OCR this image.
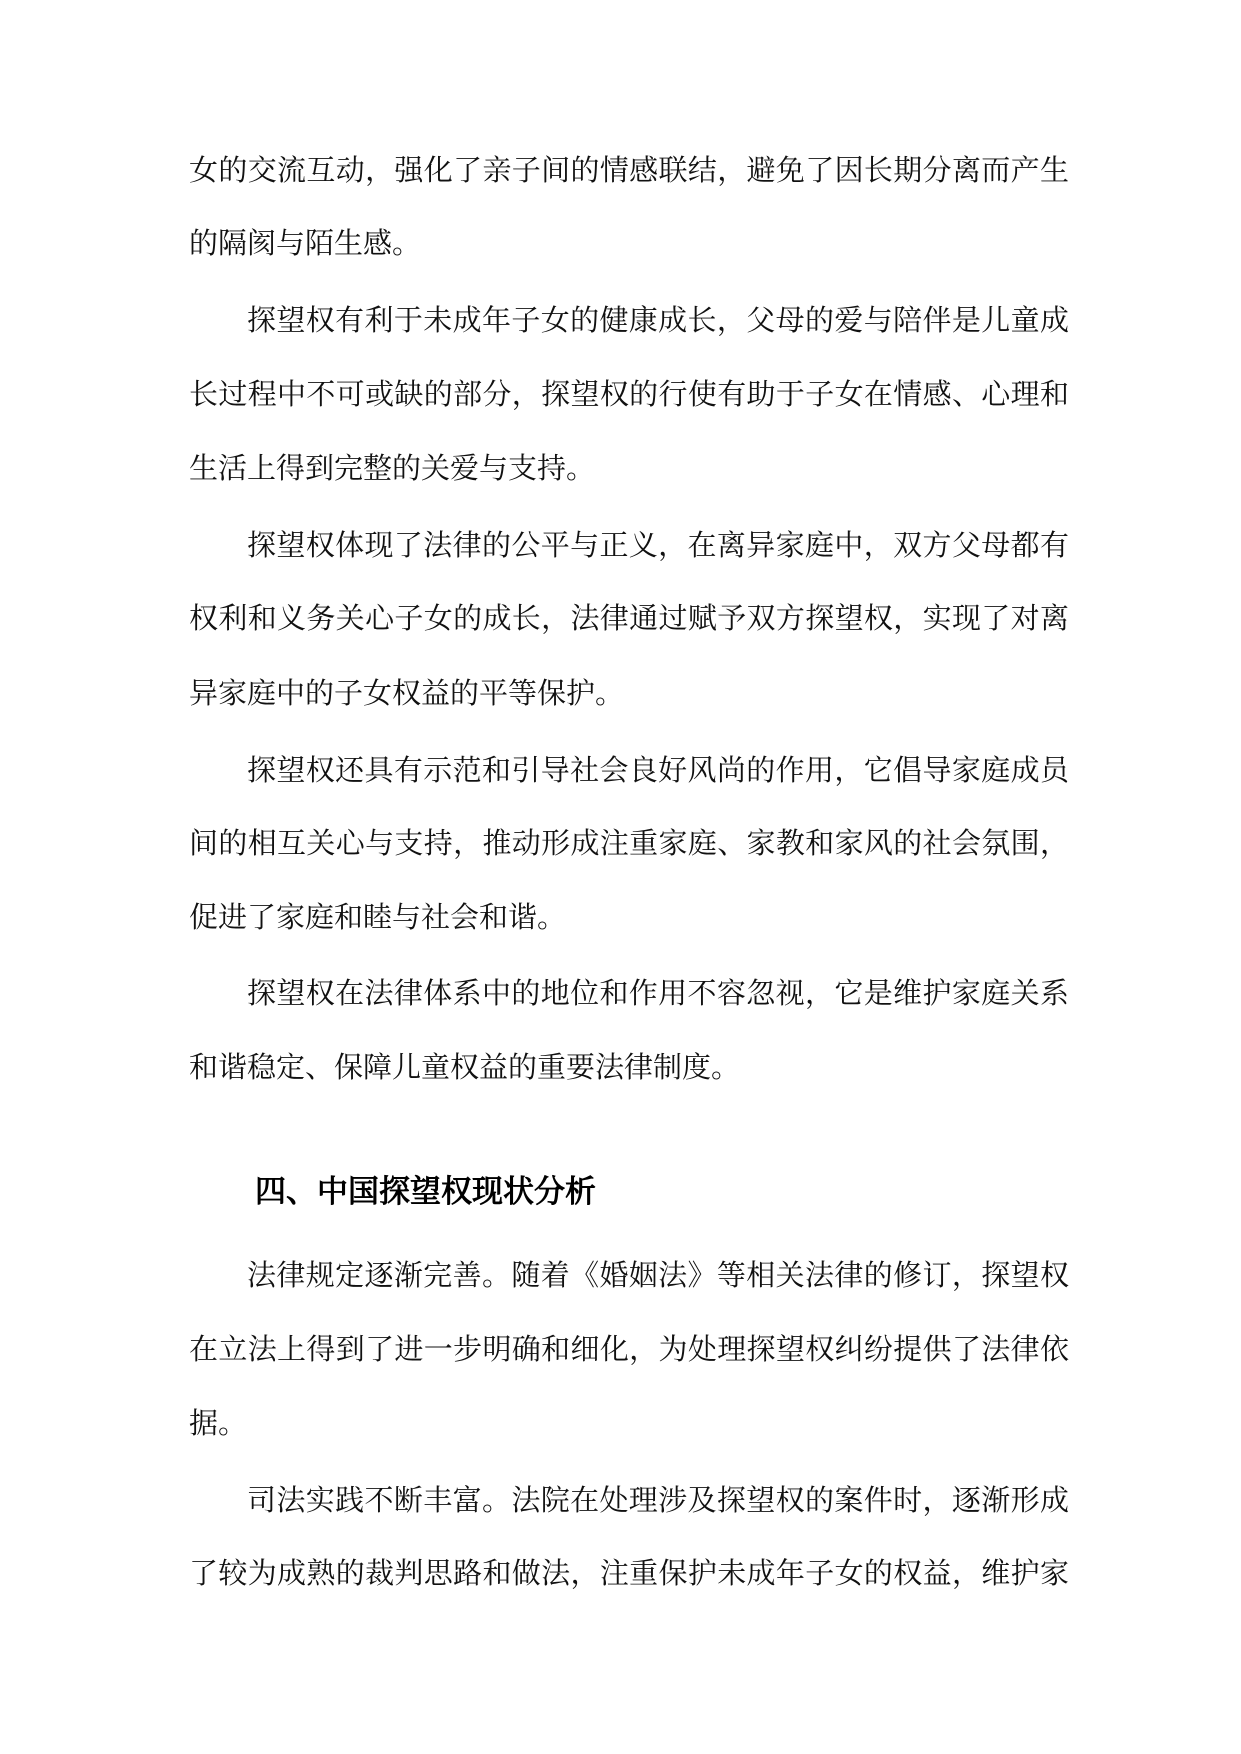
女的交流互动，强化了亲子间的情感联结，避免了因长期分离而产生

的隔阂与陌生感。

探望权有利于未成年子女的健康成长，父母的爱与陪伴是儿童成

长过程中不可或缺的部分，探望权的行使有助于子女在情感、心理和

生活上得到完整的关爱与支持。

探望权体现了法律的公平与正义，在离异家庭中，双方父母都有

权利和义务关心子女的成长，法律通过赋予双方探望权，实现了对离

异家庭中的子女权益的平等保护。

探望权还具有示范和引导社会良好风尚的作用，它倡导家庭成员

间的相互关心与支持，推动形成注重家庭、家教和家风的社会氛围，

促进了家庭和睦与社会和谐。

探望权在法律体系中的地位和作用不容忽视，它是维护家庭关系

和谐稳定、保障儿童权益的重要法律制度。

四、中国探望权现状分析

法律规定逐渐完善。随着《婚姻法》等相关法律的修订，探望权

在立法上得到了进一步明确和细化，为处理探望权纠纷提供了法律依

据。

司法实践不断丰富。法院在处理涉及探望权的案件时，逐渐形成

了较为成熟的裁判思路和做法，注重保护未成年子女的权益，维护家
